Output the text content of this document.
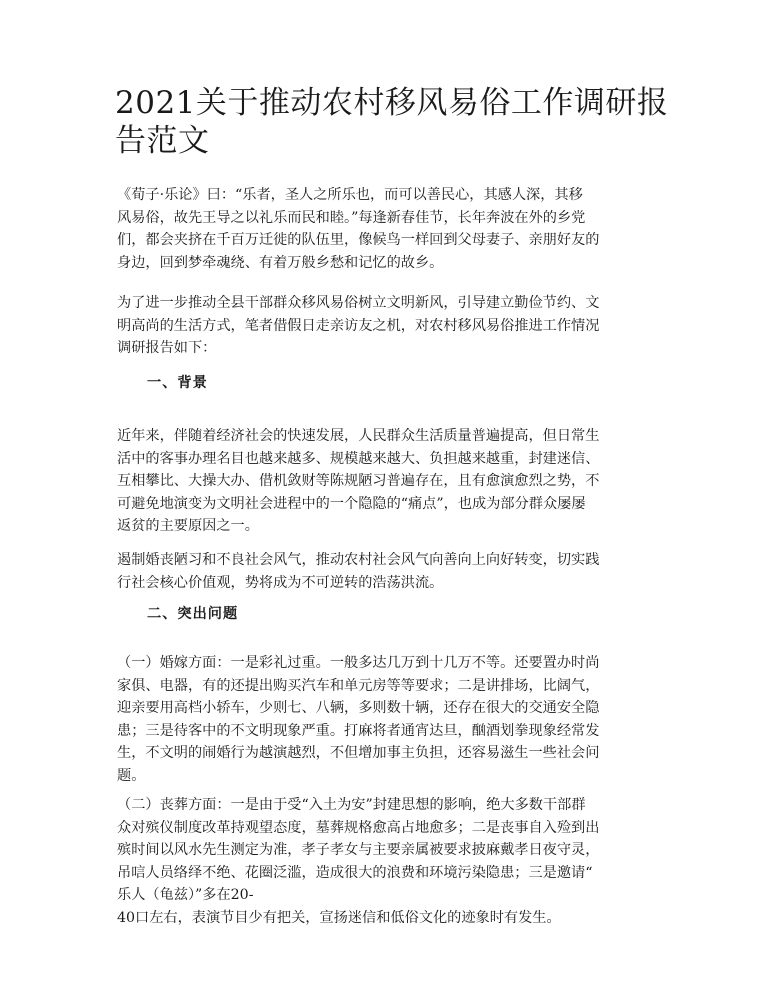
2021关于推动农村移风易俗工作调研报
告范文

《荀子·乐论》曰：“乐者，圣人之所乐也，而可以善民心，其感人深，其移
风易俗，故先王导之以礼乐而民和睦。”每逢新春佳节，长年奔波在外的乡党
们，都会夹挤在千百万迁徙的队伍里，像候鸟一样回到父母妻子、亲朋好友的
身边，回到梦牵魂绕、有着万般乡愁和记忆的故乡。

为了进一步推动全县干部群众移风易俗树立文明新风，引导建立勤俭节约、文
明高尚的生活方式，笔者借假日走亲访友之机，对农村移风易俗推进工作情况
调研报告如下：

一、背景

近年来，伴随着经济社会的快速发展，人民群众生活质量普遍提高，但日常生
活中的客事办理名目也越来越多、规模越来越大、负担越来越重，封建迷信、
互相攀比、大操大办、借机敛财等陈规陋习普遍存在，且有愈演愈烈之势，不
可避免地演变为文明社会进程中的一个隐隐的“痛点”，也成为部分群众屡屡
返贫的主要原因之一。

遏制婚丧陋习和不良社会风气，推动农村社会风气向善向上向好转变，切实践
行社会核心价值观，势将成为不可逆转的浩荡洪流。

二、突出问题

（一）婚嫁方面：一是彩礼过重。一般多达几万到十几万不等。还要置办时尚
家俱、电器，有的还提出购买汽车和单元房等等要求；二是讲排场，比阔气，
迎亲要用高档小轿车，少则七、八辆，多则数十辆，还存在很大的交通安全隐
患；三是待客中的不文明现象严重。打麻将者通宵达旦，酗酒划拳现象经常发
生，不文明的闹婚行为越演越烈，不但增加事主负担，还容易滋生一些社会问
题。

（二）丧葬方面：一是由于受“入土为安”封建思想的影响，绝大多数干部群
众对殡仪制度改革持观望态度，墓葬规格愈高占地愈多；二是丧事自入殓到出
殡时间以风水先生测定为准，孝子孝女与主要亲属被要求披麻戴孝日夜守灵，
吊唁人员络绎不绝、花圈泛滥，造成很大的浪费和环境污染隐患；三是邀请“
乐人（龟兹）”多在20-
40口左右，表演节目少有把关，宣扬迷信和低俗文化的迹象时有发生。
